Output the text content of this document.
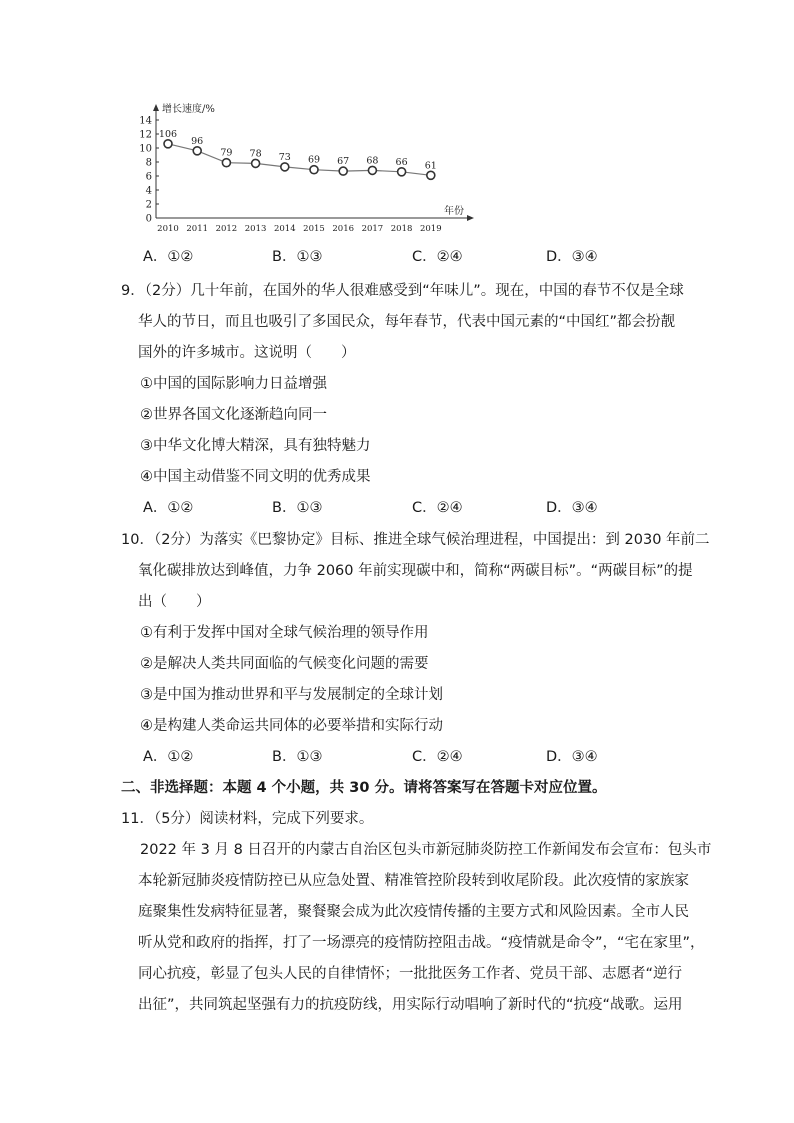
增长速度/%
年份
0
2
4
6
8
10
12
14
2010 2011 2012 2013 2014 2015 2016 2017 2018 2019
106
96
79 78 73 69 67 68 66 61
A．①②	B．①③	C．②④	D．③④
9．（2分）几十年前，在国外的华人很难感受到“年味儿”。现在，中国的春节不仅是全球
华人的节日，而且也吸引了多国民众，每年春节，代表中国元素的“中国红”都会扮靓
国外的许多城市。这说明（　　）
①中国的国际影响力日益增强
②世界各国文化逐渐趋向同一
③中华文化博大精深，具有独特魅力
④中国主动借鉴不同文明的优秀成果
A．①②	B．①③	C．②④	D．③④
10．（2分）为落实《巴黎协定》目标、推进全球气候治理进程，中国提出：到 2030 年前二
氧化碳排放达到峰值，力争 2060 年前实现碳中和，简称“两碳目标”。“两碳目标”的提
出（　　）
①有利于发挥中国对全球气候治理的领导作用
②是解决人类共同面临的气候变化问题的需要
③是中国为推动世界和平与发展制定的全球计划
④是构建人类命运共同体的必要举措和实际行动
A．①②	B．①③	C．②④	D．③④
二、非选择题：本题 4 个小题，共 30 分。请将答案写在答题卡对应位置。
11．（5分）阅读材料，完成下列要求。
2022 年 3 月 8 日召开的内蒙古自治区包头市新冠肺炎防控工作新闻发布会宣布：包头市
本轮新冠肺炎疫情防控已从应急处置、精准管控阶段转到收尾阶段。此次疫情的家族家
庭聚集性发病特征显著，聚餐聚会成为此次疫情传播的主要方式和风险因素。全市人民
听从党和政府的指挥，打了一场漂亮的疫情防控阻击战。“疫情就是命令”，“宅在家里”，
同心抗疫，彰显了包头人民的自律情怀；一批批医务工作者、党员干部、志愿者“逆行
出征”，共同筑起坚强有力的抗疫防线，用实际行动唱响了新时代的“抗疫“战歌。运用
